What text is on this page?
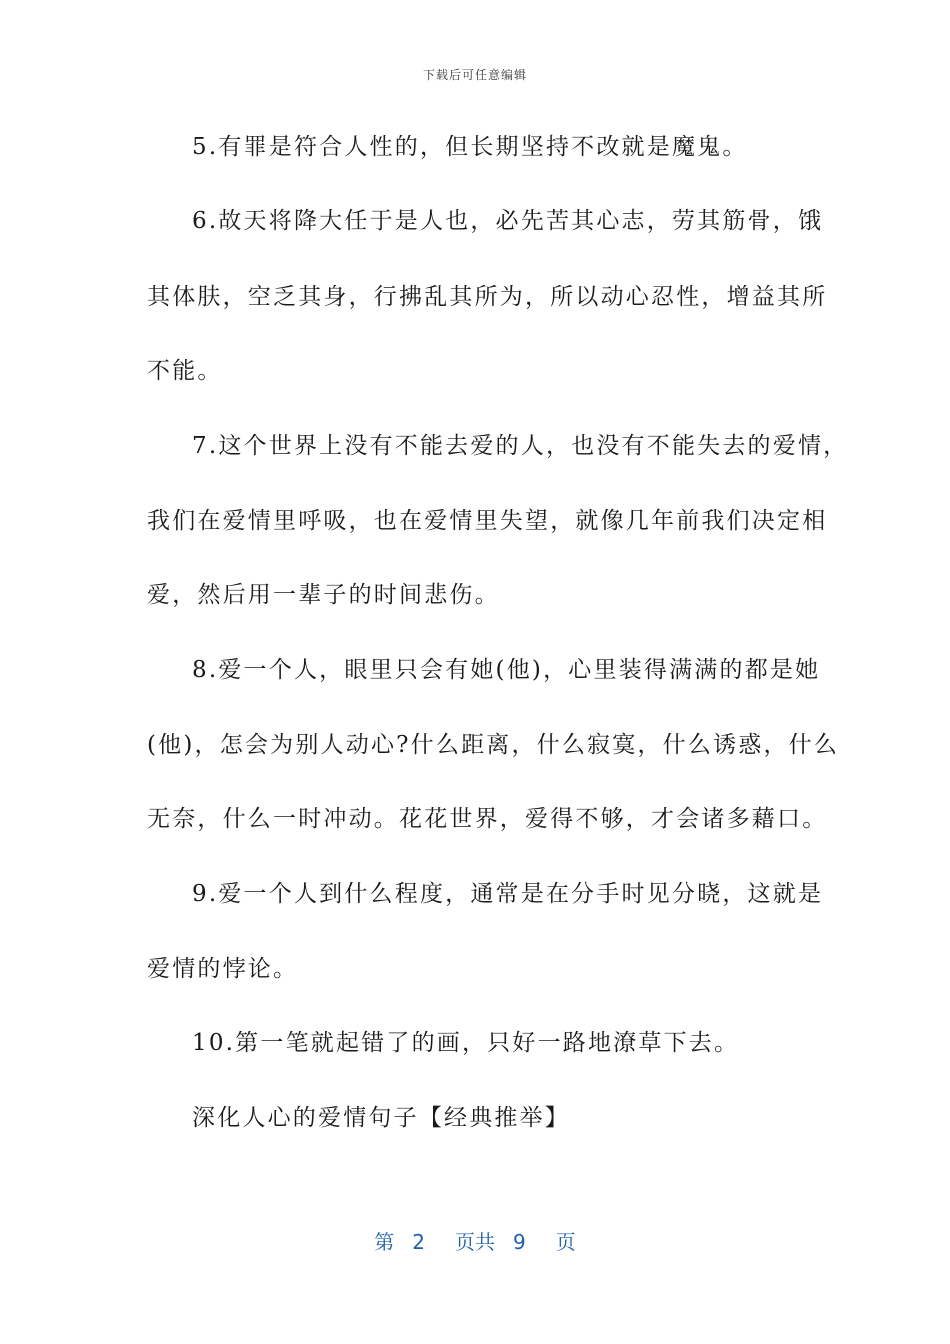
下载后可任意编辑
5.有罪是符合人性的，但长期坚持不改就是魔鬼。
6.故天将降大任于是人也，必先苦其心志，劳其筋骨，饿
其体肤，空乏其身，行拂乱其所为，所以动心忍性，增益其所
不能。
7.这个世界上没有不能去爱的人，也没有不能失去的爱情，
我们在爱情里呼吸，也在爱情里失望，就像几年前我们决定相
爱，然后用一辈子的时间悲伤。
8.爱一个人，眼里只会有她(他)，心里装得满满的都是她
(他)，怎会为别人动心?什么距离，什么寂寞，什么诱惑，什么
无奈，什么一时冲动。花花世界，爱得不够，才会诸多藉口。
9.爱一个人到什么程度，通常是在分手时见分晓，这就是
爱情的悖论。
10.第一笔就起错了的画，只好一路地潦草下去。
深化人心的爱情句子【经典推举】
第 2 页共 9 页
